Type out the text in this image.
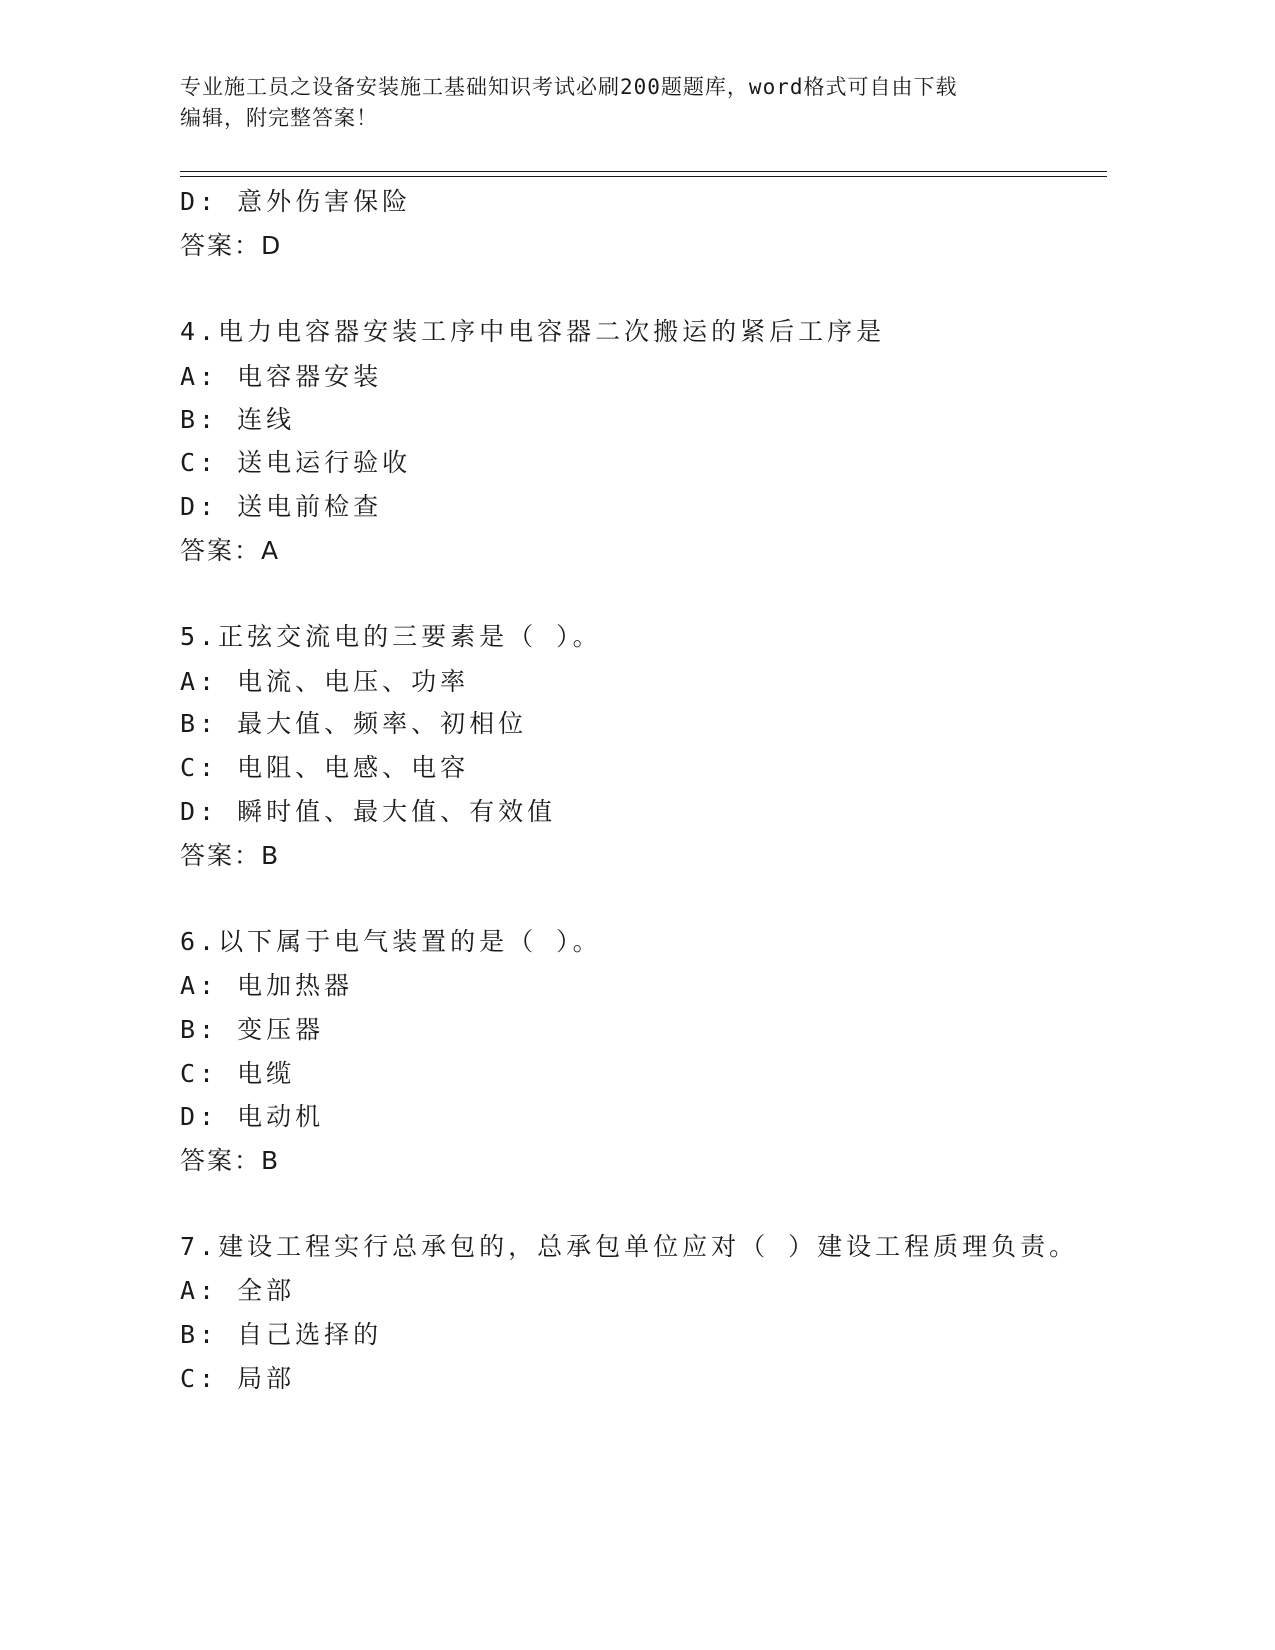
专业施工员之设备安装施工基础知识考试必刷200题题库，word格式可自由下载
编辑，附完整答案！
D: 意外伤害保险
答案：D
4.电力电容器安装工序中电容器二次搬运的紧后工序是
A: 电容器安装
B: 连线
C: 送电运行验收
D: 送电前检查
答案：A
5.正弦交流电的三要素是（ ）。
A: 电流、电压、功率
B: 最大值、频率、初相位
C: 电阻、电感、电容
D: 瞬时值、最大值、有效值
答案：B
6.以下属于电气装置的是（ ）。
A: 电加热器
B: 变压器
C: 电缆
D: 电动机
答案：B
7.建设工程实行总承包的，总承包单位应对（ ）建设工程质理负责。
A: 全部
B: 自己选择的
C: 局部
